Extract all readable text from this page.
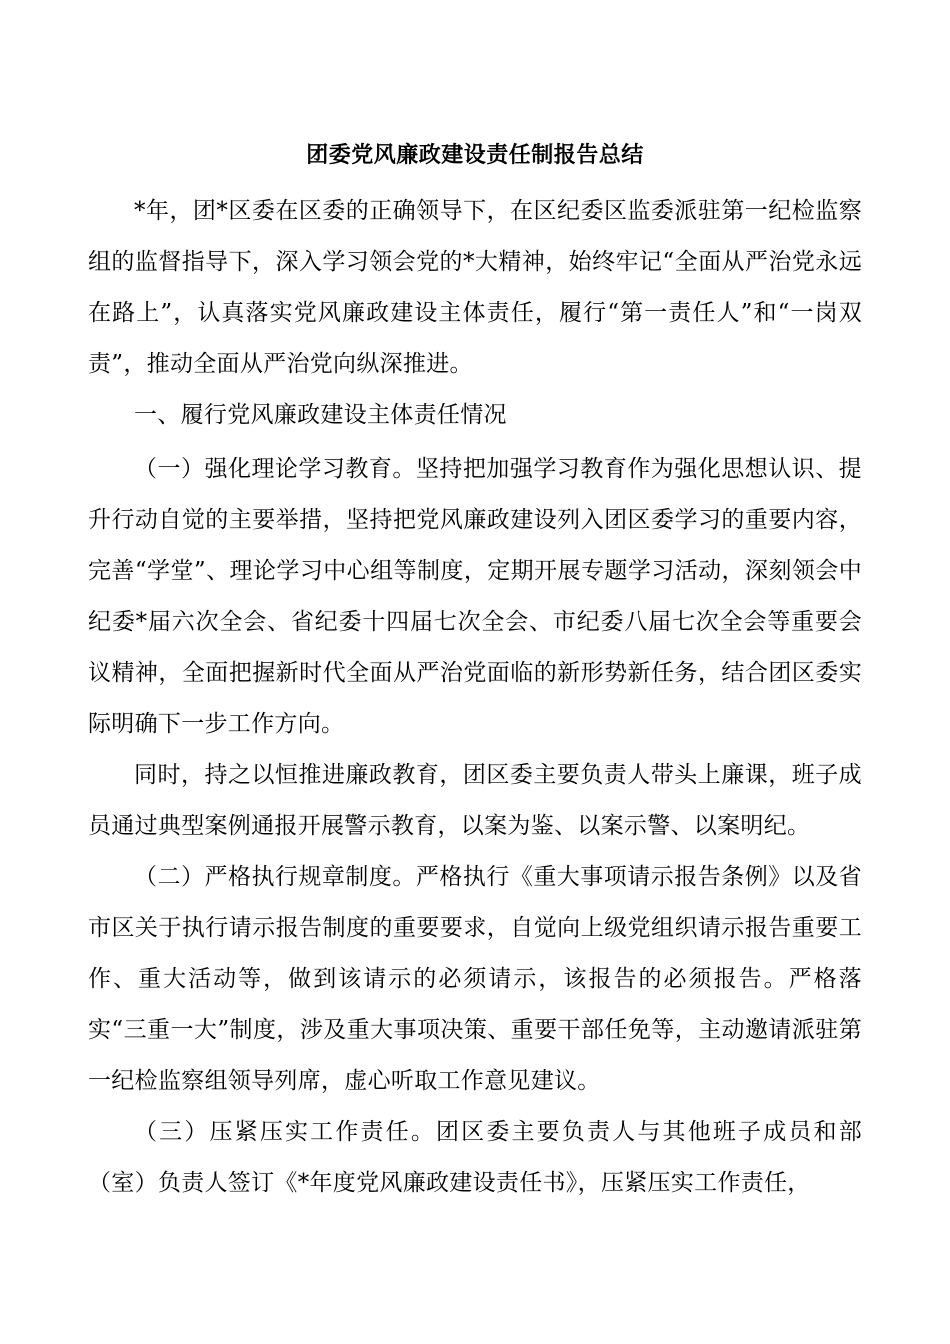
团委党风廉政建设责任制报告总结

*年，团*区委在区委的正确领导下，在区纪委区监委派驻第一纪检监察组的监督指导下，深入学习领会党的*大精神，始终牢记“全面从严治党永远在路上”，认真落实党风廉政建设主体责任，履行“第一责任人”和“一岗双责”，推动全面从严治党向纵深推进。

一、履行党风廉政建设主体责任情况

（一）强化理论学习教育。坚持把加强学习教育作为强化思想认识、提升行动自觉的主要举措，坚持把党风廉政建设列入团区委学习的重要内容，完善“学堂”、理论学习中心组等制度，定期开展专题学习活动，深刻领会中纪委*届六次全会、省纪委十四届七次全会、市纪委八届七次全会等重要会议精神，全面把握新时代全面从严治党面临的新形势新任务，结合团区委实际明确下一步工作方向。

同时，持之以恒推进廉政教育，团区委主要负责人带头上廉课，班子成员通过典型案例通报开展警示教育，以案为鉴、以案示警、以案明纪。

（二）严格执行规章制度。严格执行《重大事项请示报告条例》以及省市区关于执行请示报告制度的重要要求，自觉向上级党组织请示报告重要工作、重大活动等，做到该请示的必须请示，该报告的必须报告。严格落实“三重一大”制度，涉及重大事项决策、重要干部任免等，主动邀请派驻第一纪检监察组领导列席，虚心听取工作意见建议。

（三）压紧压实工作责任。团区委主要负责人与其他班子成员和部（室）负责人签订《*年度党风廉政建设责任书》，压紧压实工作责任，
